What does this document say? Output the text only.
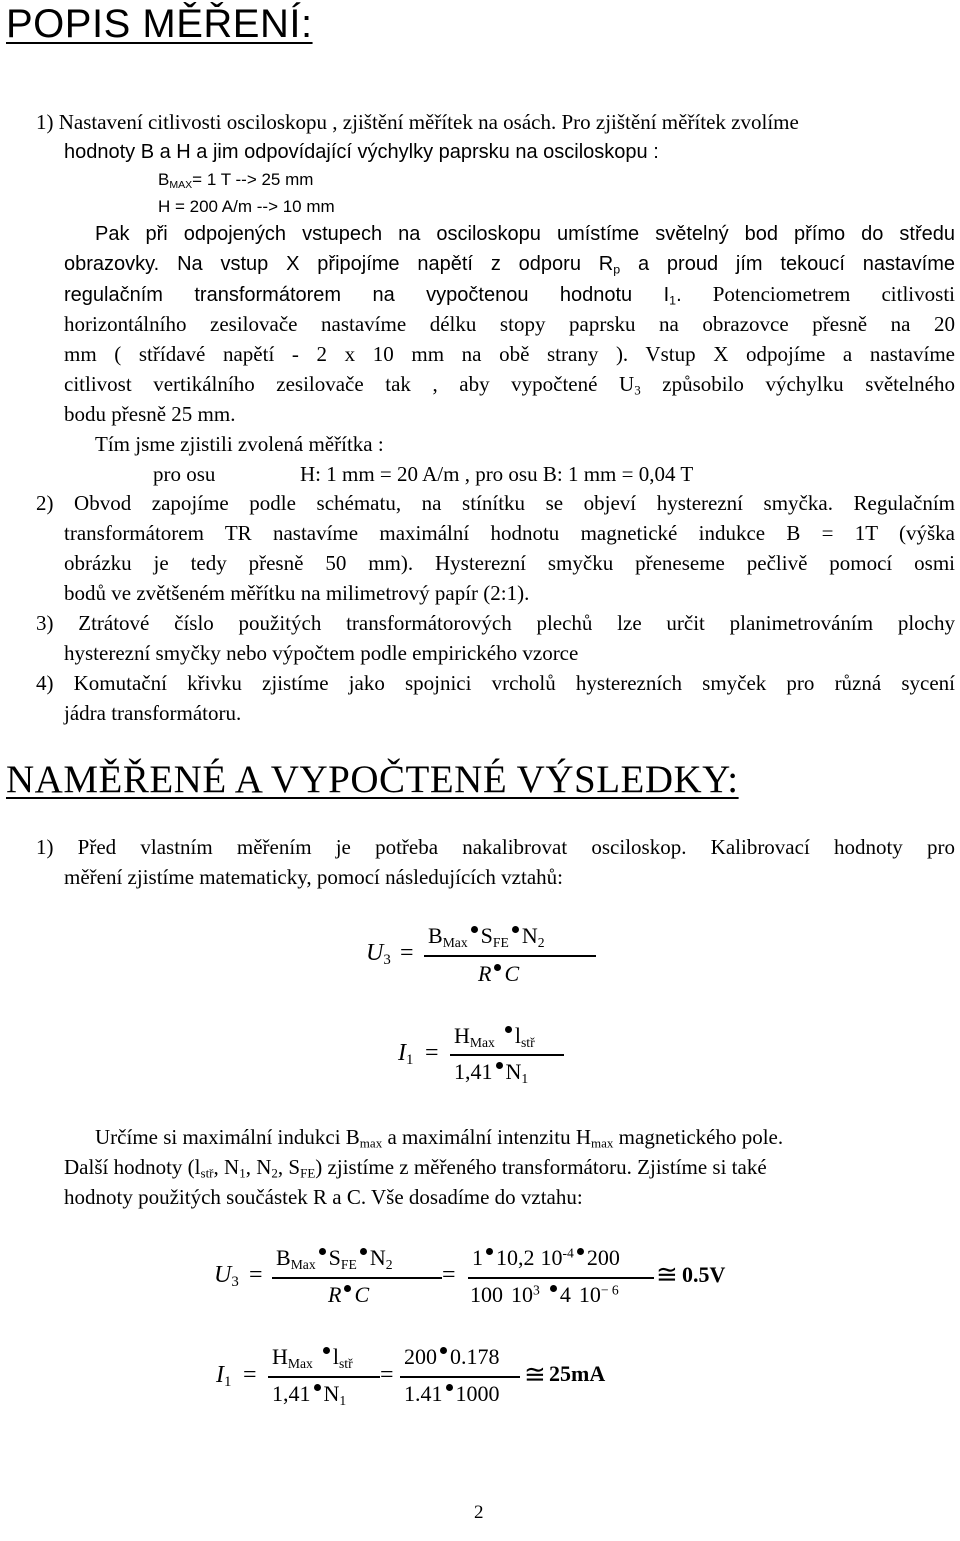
POPIS MĚŘENÍ:
1) Nastavení citlivosti osciloskopu , zjištění měřítek na osách. Pro zjištění měřítek zvolíme
hodnoty B a H a jim odpovídající výchylky paprsku na osciloskopu :
$B_{MAX}= 1$ T --> 25 mm
H = 200 A/m --> 10 mm
Pak při odpojených vstupech na osciloskopu umístíme světelný bod přímo do středu
obrazovky. Na vstup X připojíme napětí z odporu $R_p$ a proud jím tekoucí nastavíme
regulačním transformátorem na vypočtenou hodnotu $I_1$. Potenciometrem citlivosti
horizontálního zesilovače nastavíme délku stopy paprsku na obrazovce přesně na 20
mm ( střídavé napětí - 2 x 10 mm na obě strany ). Vstup X odpojíme a nastavíme
citlivost vertikálního zesilovače tak , aby vypočtené $U_3$ způsobilo výchylku světelného
bodu přesně 25 mm.
Tím jsme zjistili zvolená měřítka :
pro osu	H: 1 mm = 20 A/m , pro osu B: 1 mm = 0,04 T
2) Obvod zapojíme podle schématu, na stínítku se objeví hysterezní smyčka. Regulačním
transformátorem TR nastavíme maximální hodnotu magnetické indukce B = 1T (výška
obrázku je tedy přesně 50 mm). Hysterezní smyčku přeneseme pečlivě pomocí osmi
bodů ve zvětšeném měřítku na milimetrový papír (2:1).
3) Ztrátové číslo použitých transformátorových plechů lze určit planimetrováním plochy
hysterezní smyčky nebo výpočtem podle empirického vzorce
4) Komutační křivku zjistíme jako spojnici vrcholů hysterezních smyček pro různá sycení
jádra transformátoru.
NAMĚŘENÉ A VYPOČTENÉ VÝSLEDKY:
1) Před vlastním měřením je potřeba nakalibrovat osciloskop. Kalibrovací hodnoty pro
měření zjistíme matematicky, pomocí následujících vztahů:
$U_3$ =
$B_{Max}$ $S_{FE}$ $N_2$
R C
$I_1$ =
$H_{Max}$ $l_{stř}$
1,41 $N_1$
Určíme si maximální indukci $B_{max}$ a maximální intenzitu $H_{max}$ magnetického pole.
Další hodnoty ($l_{stř}$, $N_1$, $N_2$, $S_{FE}$) zjistíme z měřeného transformátoru. Zjistíme si také
hodnoty použitých součástek R a C. Vše dosadíme do vztahu:
$U_3$ =
$B_{Max}$ $S_{FE}$ $N_2$
R C
=
1 10,2 $10^{-4}$ 200
100 $10^3$ 4 $10^{- 6}$
≅ 0.5V
$I_1$ =
$H_{Max}$ $l_{stř}$
1,41 $N_1$
=
200 0.178
1.41 1000
≅ 25mA
2
